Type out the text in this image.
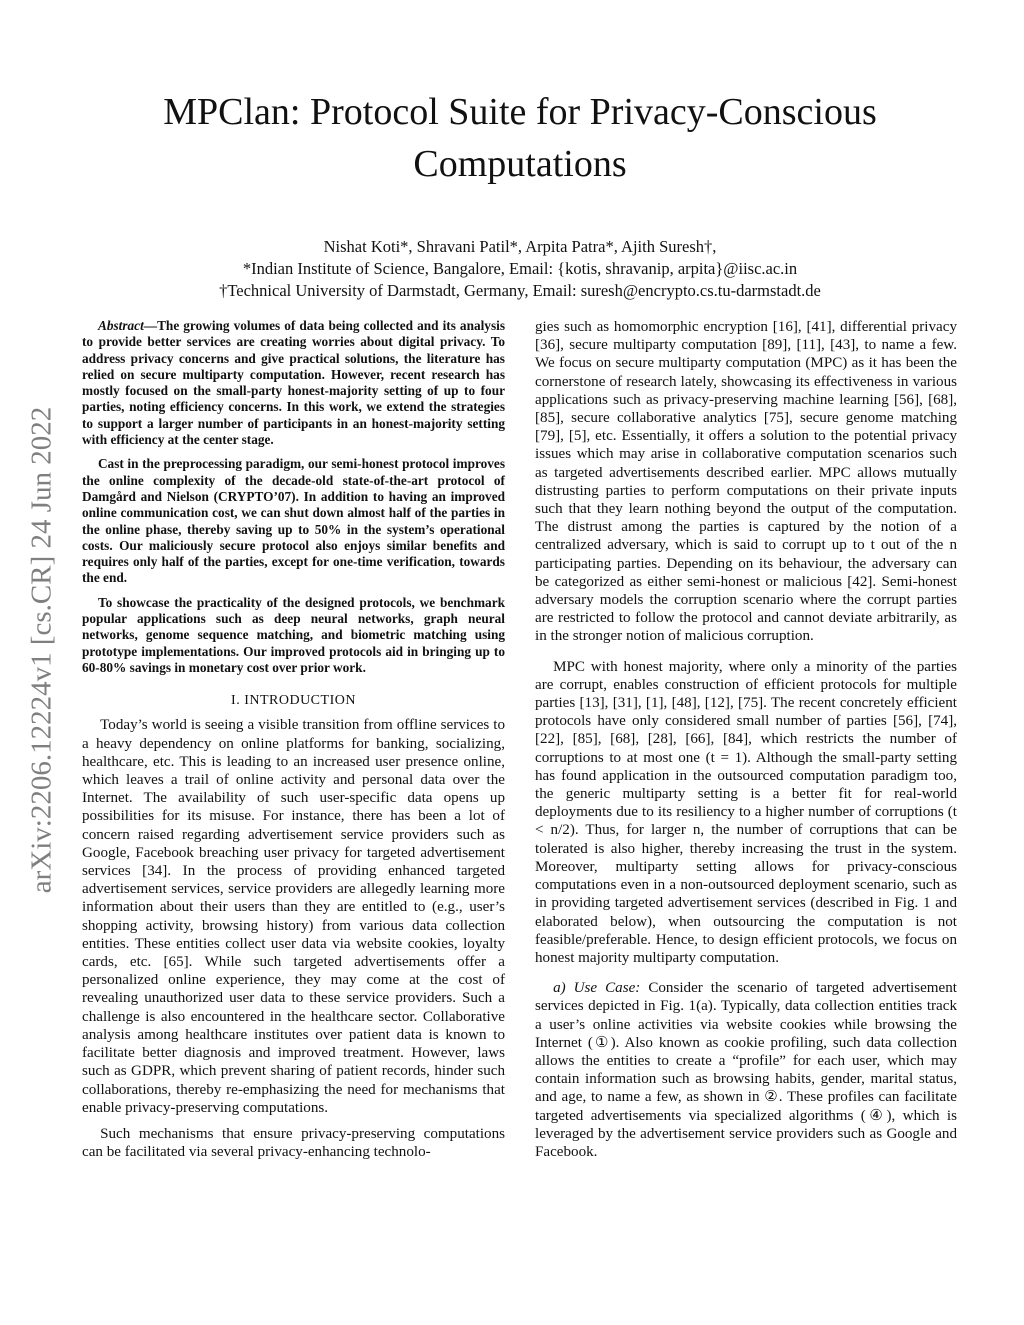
arXiv:2206.12224v1 [cs.CR] 24 Jun 2022
MPClan: Protocol Suite for Privacy-Conscious
Computations
Nishat Koti*, Shravani Patil*, Arpita Patra*, Ajith Suresh†,
*Indian Institute of Science, Bangalore, Email: {kotis, shravanip, arpita}@iisc.ac.in
†Technical University of Darmstadt, Germany, Email: suresh@encrypto.cs.tu-darmstadt.de

Abstract—The growing volumes of data being collected and its analysis to provide better services are creating worries about digital privacy. To address privacy concerns and give practical solutions, the literature has relied on secure multiparty computation. However, recent research has mostly focused on the small-party honest-majority setting of up to four parties, noting efficiency concerns. In this work, we extend the strategies to support a larger number of participants in an honest-majority setting with efficiency at the center stage.

Cast in the preprocessing paradigm, our semi-honest protocol improves the online complexity of the decade-old state-of-the-art protocol of Damgård and Nielson (CRYPTO’07). In addition to having an improved online communication cost, we can shut down almost half of the parties in the online phase, thereby saving up to 50% in the system’s operational costs. Our maliciously secure protocol also enjoys similar benefits and requires only half of the parties, except for one-time verification, towards the end.

To showcase the practicality of the designed protocols, we benchmark popular applications such as deep neural networks, graph neural networks, genome sequence matching, and biometric matching using prototype implementations. Our improved protocols aid in bringing up to 60-80% savings in monetary cost over prior work.

I. INTRODUCTION

Today’s world is seeing a visible transition from offline services to a heavy dependency on online platforms for banking, socializing, healthcare, etc. This is leading to an increased user presence online, which leaves a trail of online activity and personal data over the Internet. The availability of such user-specific data opens up possibilities for its misuse. For instance, there has been a lot of concern raised regarding advertisement service providers such as Google, Facebook breaching user privacy for targeted advertisement services [34]. In the process of providing enhanced targeted advertisement services, service providers are allegedly learning more information about their users than they are entitled to (e.g., user’s shopping activity, browsing history) from various data collection entities. These entities collect user data via website cookies, loyalty cards, etc. [65]. While such targeted advertisements offer a personalized online experience, they may come at the cost of revealing unauthorized user data to these service providers. Such a challenge is also encountered in the healthcare sector. Collaborative analysis among healthcare institutes over patient data is known to facilitate better diagnosis and improved treatment. However, laws such as GDPR, which prevent sharing of patient records, hinder such collaborations, thereby re-emphasizing the need for mechanisms that enable privacy-preserving computations.

Such mechanisms that ensure privacy-preserving computations can be facilitated via several privacy-enhancing technolo-

gies such as homomorphic encryption [16], [41], differential privacy [36], secure multiparty computation [89], [11], [43], to name a few. We focus on secure multiparty computation (MPC) as it has been the cornerstone of research lately, showcasing its effectiveness in various applications such as privacy-preserving machine learning [56], [68], [85], secure collaborative analytics [75], secure genome matching [79], [5], etc. Essentially, it offers a solution to the potential privacy issues which may arise in collaborative computation scenarios such as targeted advertisements described earlier. MPC allows mutually distrusting parties to perform computations on their private inputs such that they learn nothing beyond the output of the computation. The distrust among the parties is captured by the notion of a centralized adversary, which is said to corrupt up to t out of the n participating parties. Depending on its behaviour, the adversary can be categorized as either semi-honest or malicious [42]. Semi-honest adversary models the corruption scenario where the corrupt parties are restricted to follow the protocol and cannot deviate arbitrarily, as in the stronger notion of malicious corruption.

MPC with honest majority, where only a minority of the parties are corrupt, enables construction of efficient protocols for multiple parties [13], [31], [1], [48], [12], [75]. The recent concretely efficient protocols have only considered small number of parties [56], [74], [22], [85], [68], [28], [66], [84], which restricts the number of corruptions to at most one (t = 1). Although the small-party setting has found application in the outsourced computation paradigm too, the generic multiparty setting is a better fit for real-world deployments due to its resiliency to a higher number of corruptions (t < n/2). Thus, for larger n, the number of corruptions that can be tolerated is also higher, thereby increasing the trust in the system. Moreover, multiparty setting allows for privacy-conscious computations even in a non-outsourced deployment scenario, such as in providing targeted advertisement services (described in Fig. 1 and elaborated below), when outsourcing the computation is not feasible/preferable. Hence, to design efficient protocols, we focus on honest majority multiparty computation.

a) Use Case: Consider the scenario of targeted advertisement services depicted in Fig. 1(a). Typically, data collection entities track a user’s online activities via website cookies while browsing the Internet (①). Also known as cookie profiling, such data collection allows the entities to create a “profile” for each user, which may contain information such as browsing habits, gender, marital status, and age, to name a few, as shown in ②. These profiles can facilitate targeted advertisements via specialized algorithms (④), which is leveraged by the advertisement service providers such as Google and Facebook.
